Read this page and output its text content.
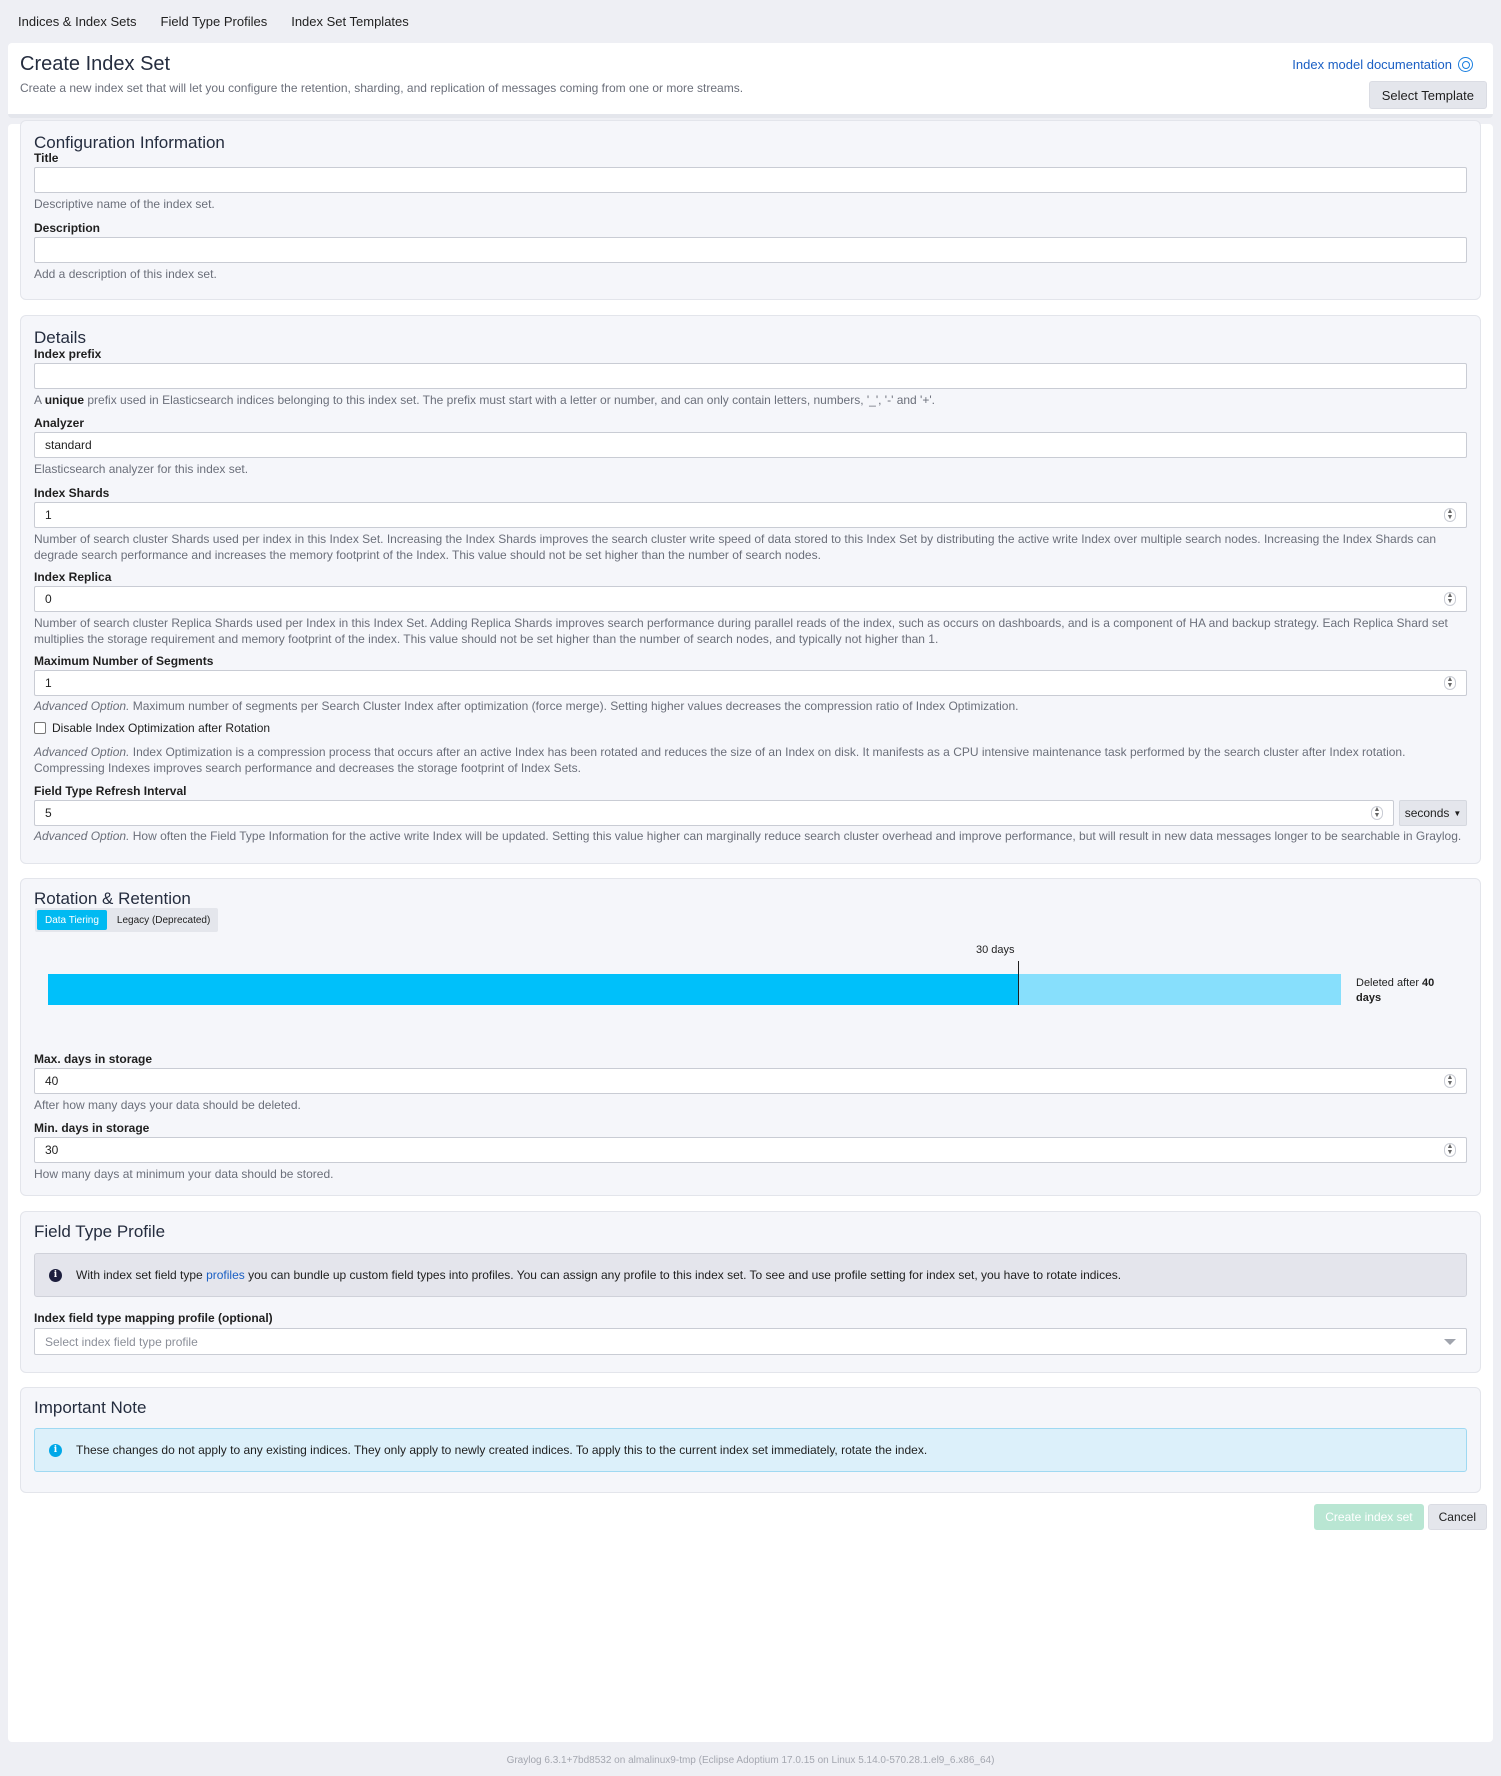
Indices & Index Sets Field Type Profiles Index Set Templates
Create Index Set
Create a new index set that will let you configure the retention, sharding, and replication of messages coming from one or more streams.
Index model documentation
Select Template
Configuration Information
Title
Descriptive name of the index set.
Description
Add a description of this index set.
Details
Index prefix
A unique prefix used in Elasticsearch indices belonging to this index set. The prefix must start with a letter or number, and can only contain letters, numbers, '_', '-' and '+'.
Analyzer
standard
Elasticsearch analyzer for this index set.
Index Shards
1	▲
▼
Number of search cluster Shards used per index in this Index Set. Increasing the Index Shards improves the search cluster write speed of data stored to this Index Set by distributing the active write Index over multiple search nodes. Increasing the Index Shards can degrade search performance and increases the memory footprint of the Index. This value should not be set higher than the number of search nodes.
Index Replica
0	▲
▼
Number of search cluster Replica Shards used per Index in this Index Set. Adding Replica Shards improves search performance during parallel reads of the index, such as occurs on dashboards, and is a component of HA and backup strategy. Each Replica Shard set multiplies the storage requirement and memory footprint of the index. This value should not be set higher than the number of search nodes, and typically not higher than 1.
Maximum Number of Segments
1	▲
▼
Advanced Option. Maximum number of segments per Search Cluster Index after optimization (force merge). Setting higher values decreases the compression ratio of Index Optimization.
Disable Index Optimization after Rotation
Advanced Option. Index Optimization is a compression process that occurs after an active Index has been rotated and reduces the size of an Index on disk. It manifests as a CPU intensive maintenance task performed by the search cluster after Index rotation. Compressing Indexes improves search performance and decreases the storage footprint of Index Sets.
Field Type Refresh Interval
5	▲
▼ seconds ▼
Advanced Option. How often the Field Type Information for the active write Index will be updated. Setting this value higher can marginally reduce search cluster overhead and improve performance, but will result in new data messages longer to be searchable in Graylog.
Rotation & Retention
Data Tiering	Legacy (Deprecated)
30 days
Deleted after 40 days
Max. days in storage
40	▲
▼
After how many days your data should be deleted.
Min. days in storage
30	▲
▼
How many days at minimum your data should be stored.
Field Type Profile
i	With index set field type profiles you can bundle up custom field types into profiles. You can assign any profile to this index set. To see and use profile setting for index set, you have to rotate indices.
Index field type mapping profile (optional)
Select index field type profile
Important Note
i	These changes do not apply to any existing indices. They only apply to newly created indices. To apply this to the current index set immediately, rotate the index.
Create index set	Cancel
Graylog 6.3.1+7bd8532 on almalinux9-tmp (Eclipse Adoptium 17.0.15 on Linux 5.14.0-570.28.1.el9_6.x86_64)
